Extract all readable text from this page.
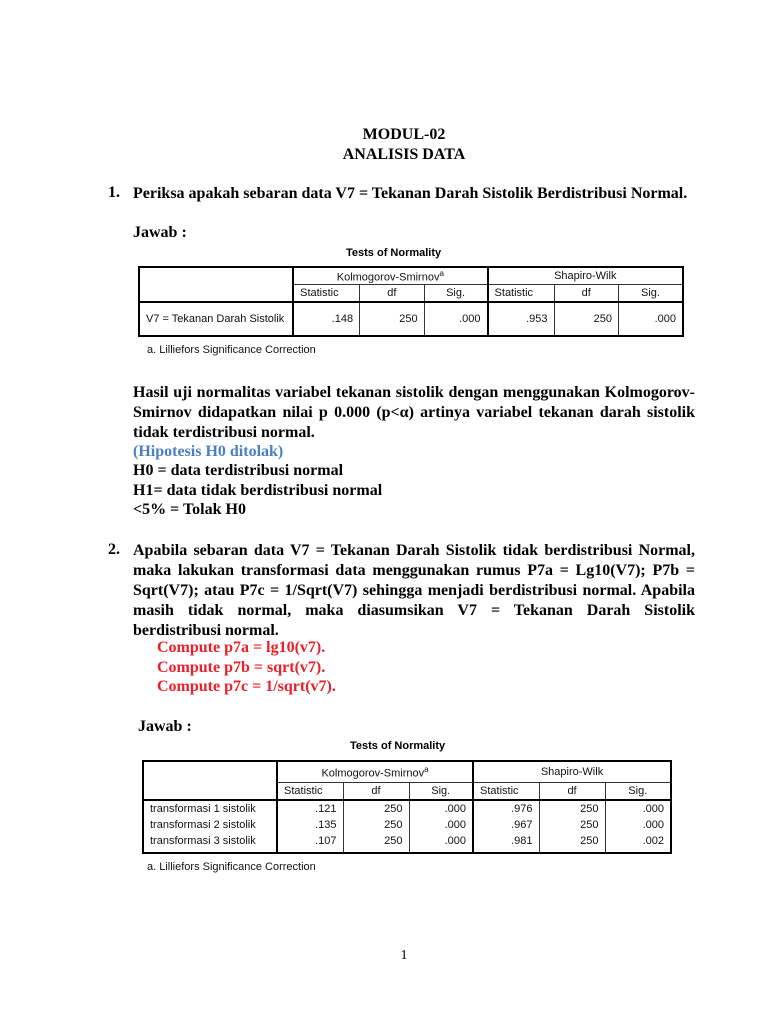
MODUL-02
ANALISIS DATA
1. Periksa apakah sebaran data V7 = Tekanan Darah Sistolik Berdistribusi Normal.
Jawab :
Tests of Normality
	Kolmogorov-Smirnov$^a$			Shapiro-Wilk		
	Statistic	df	Sig.	Statistic	df	Sig.
V7 = Tekanan Darah Sistolik	.148	250	.000	.953	250	.000
a. Lilliefors Significance Correction
Hasil uji normalitas variabel tekanan sistolik dengan menggunakan Kolmogorov-Smirnov didapatkan nilai p 0.000 (p<α) artinya variabel tekanan darah sistolik tidak terdistribusi normal.
(Hipotesis H0 ditolak)
H0 = data terdistribusi normal
H1= data tidak berdistribusi normal
<5% = Tolak H0
2. Apabila sebaran data V7 = Tekanan Darah Sistolik tidak berdistribusi Normal, maka lakukan transformasi data menggunakan rumus P7a = Lg10(V7); P7b = Sqrt(V7); atau P7c = 1/Sqrt(V7) sehingga menjadi berdistribusi normal. Apabila masih tidak normal, maka diasumsikan V7 = Tekanan Darah Sistolik berdistribusi normal.
Compute p7a = lg10(v7).
Compute p7b = sqrt(v7).
Compute p7c = 1/sqrt(v7).
Jawab :
Tests of Normality
	Kolmogorov-Smirnov$^a$			Shapiro-Wilk		
	Statistic	df	Sig.	Statistic	df	Sig.
transformasi 1 sistolik	.121	250	.000	.976	250	.000
transformasi 2 sistolik	.135	250	.000	.967	250	.000
transformasi 3 sistolik	.107	250	.000	.981	250	.002
a. Lilliefors Significance Correction
1
